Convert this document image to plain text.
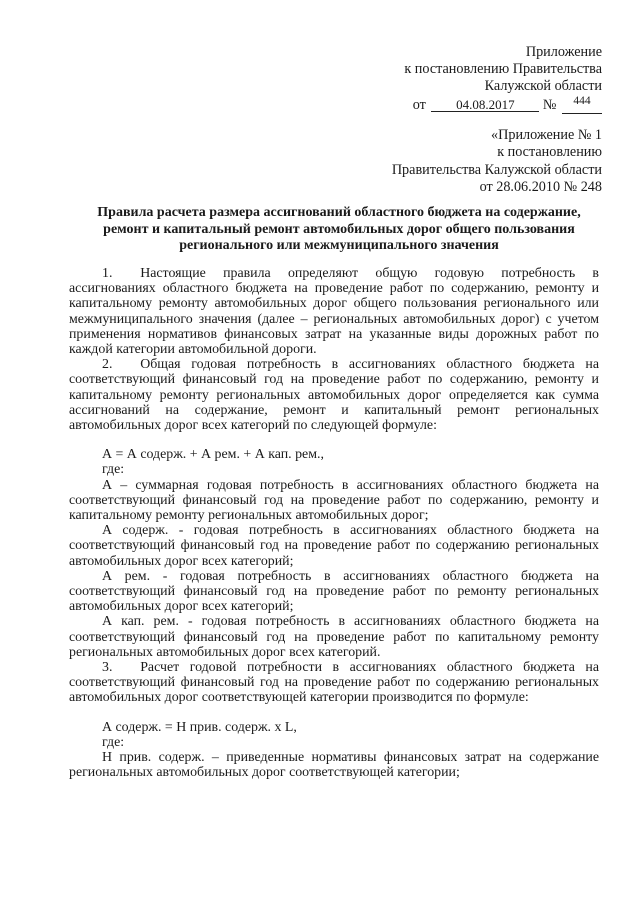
Приложение
к постановлению Правительства
Калужской области
от 04.08.2017 № 444
«Приложение № 1
к постановлению
Правительства Калужской области
от 28.06.2010 № 248
Правила расчета размера ассигнований областного бюджета на содержание,
ремонт и капитальный ремонт автомобильных дорог общего пользования
регионального или межмуниципального значения

1.  Настоящие правила определяют общую годовую потребность в ассигнованиях областного бюджета на проведение работ по содержанию, ремонту и капитальному ремонту автомобильных дорог общего пользования регионального или межмуниципального значения (далее – региональных автомобильных дорог) с учетом применения нормативов финансовых затрат на указанные виды дорожных работ по каждой категории автомобильной дороги.

2.  Общая годовая потребность в ассигнованиях областного бюджета на соответствующий финансовый год на проведение работ по содержанию, ремонту и капитальному ремонту региональных автомобильных дорог определяется как сумма ассигнований на содержание, ремонт и капитальный ремонт региональных автомобильных дорог всех категорий по следующей формуле:

А = А содерж. + А рем. + А кап. рем.,

где:

А – суммарная годовая потребность в ассигнованиях областного бюджета на соответствующий финансовый год на проведение работ по содержанию, ремонту и капитальному ремонту региональных автомобильных дорог;

А содерж. - годовая потребность в ассигнованиях областного бюджета на соответствующий финансовый год на проведение работ по содержанию региональных автомобильных дорог всех категорий;

А рем. - годовая потребность в ассигнованиях областного бюджета на соответствующий финансовый год на проведение работ по ремонту региональных автомобильных дорог всех категорий;

А кап. рем. - годовая потребность в ассигнованиях областного бюджета на соответствующий финансовый год на проведение работ по капитальному ремонту региональных автомобильных дорог всех категорий.

3.  Расчет годовой потребности в ассигнованиях областного бюджета на соответствующий финансовый год на проведение работ по содержанию региональных автомобильных дорог соответствующей категории производится по формуле:

А содерж. = Н прив. содерж. х L,

где:

Н прив. содерж. – приведенные нормативы финансовых затрат на содержание региональных автомобильных дорог соответствующей категории;
